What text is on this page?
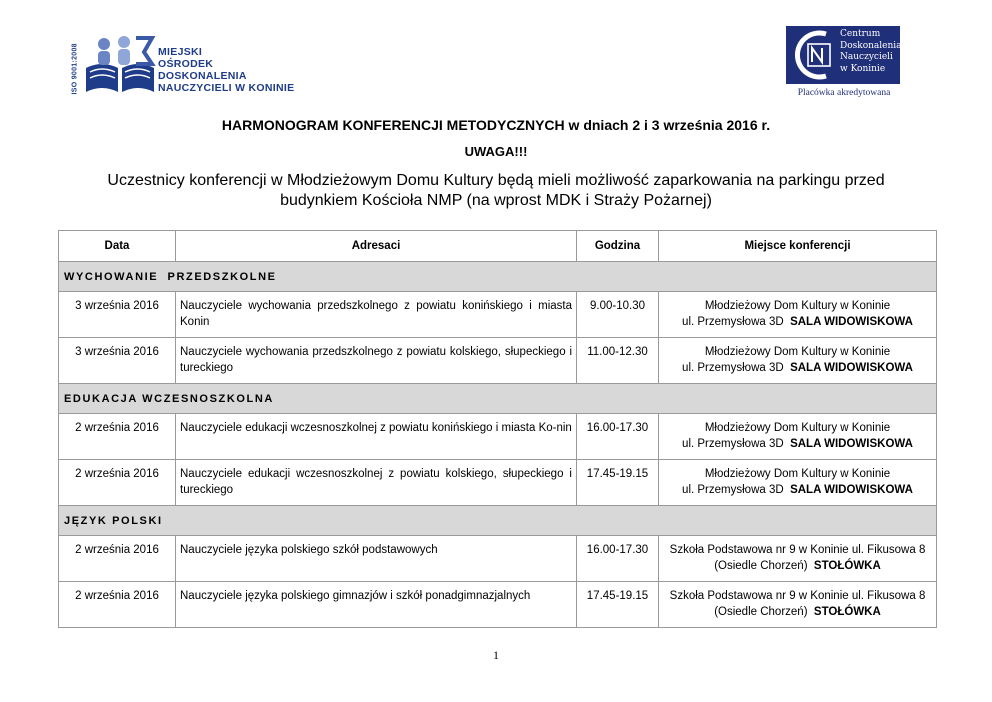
ISO 9001:2008	MIEJSKI
OŚRODEK
DOSKONALENIA
NAUCZYCIELI W KONINIE
Centrum
Doskonalenia
Nauczycieli
w Koninie
Placówka akredytowana
HARMONOGRAM KONFERENCJI METODYCZNYCH w dniach 2 i 3 września 2016 r.
UWAGA!!!
Uczestnicy konferencji w Młodzieżowym Domu Kultury będą mieli możliwość zaparkowania na parkingu przed budynkiem Kościoła NMP (na wprost MDK i Straży Pożarnej)
Data	Adresaci	Godzina	Miejsce konferencji
WYCHOWANIE  PRZEDSZKOLNE			
3 września 2016	Nauczyciele wychowania przedszkolnego z powiatu konińskiego i miasta Konin	9.00-10.30	Młodzieżowy Dom Kultury w Koninie
ul. Przemysłowa 3D SALA WIDOWISKOWA
3 września 2016	Nauczyciele wychowania przedszkolnego z powiatu kolskiego, słupeckiego i tureckiego	11.00-12.30	Młodzieżowy Dom Kultury w Koninie
ul. Przemysłowa 3D SALA WIDOWISKOWA
EDUKACJA WCZESNOSZKOLNA			
2 września 2016	Nauczyciele edukacji wczesnoszkolnej z powiatu konińskiego i miasta Ko-nin	16.00-17.30	Młodzieżowy Dom Kultury w Koninie
ul. Przemysłowa 3D SALA WIDOWISKOWA
2 września 2016	Nauczyciele edukacji wczesnoszkolnej z powiatu kolskiego, słupeckiego i tureckiego	17.45-19.15	Młodzieżowy Dom Kultury w Koninie
ul. Przemysłowa 3D SALA WIDOWISKOWA
JĘZYK POLSKI			
2 września 2016	Nauczyciele języka polskiego szkół podstawowych	16.00-17.30	Szkoła Podstawowa nr 9 w Koninie ul. Fikusowa 8
(Osiedle Chorzeń) STOŁÓWKA
2 września 2016	Nauczyciele języka polskiego gimnazjów i szkół ponadgimnazjalnych	17.45-19.15	Szkoła Podstawowa nr 9 w Koninie ul. Fikusowa 8
(Osiedle Chorzeń) STOŁÓWKA
1
